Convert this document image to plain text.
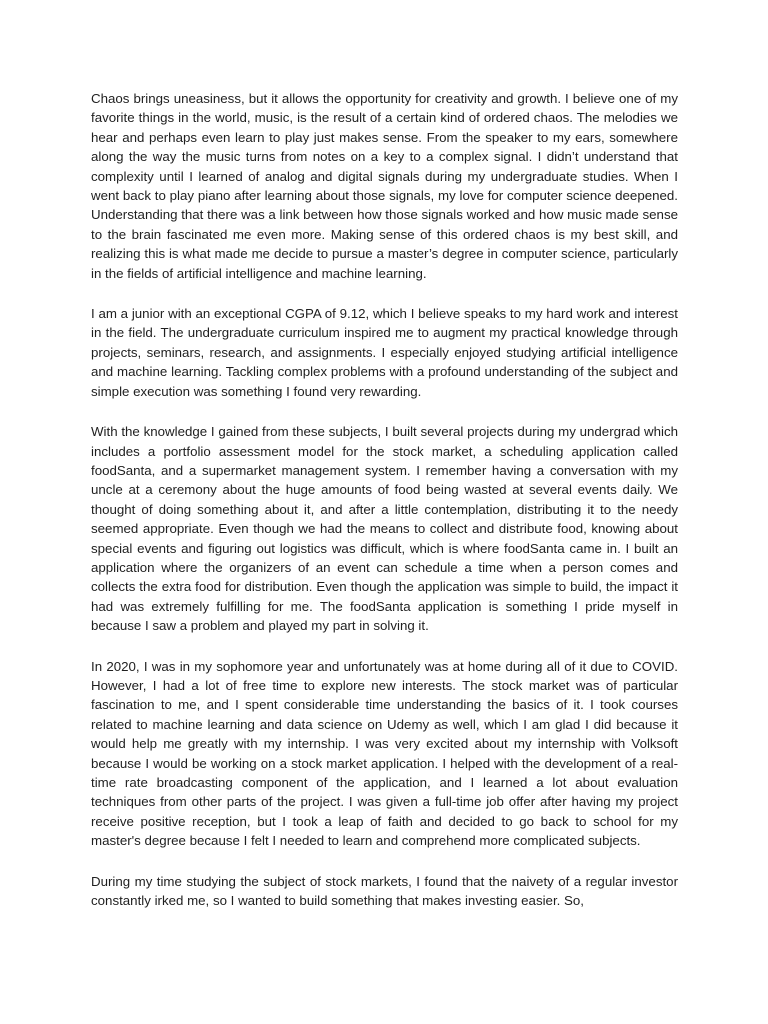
Chaos brings uneasiness, but it allows the opportunity for creativity and growth. I believe one of my favorite things in the world, music, is the result of a certain kind of ordered chaos. The melodies we hear and perhaps even learn to play just makes sense. From the speaker to my ears, somewhere along the way the music turns from notes on a key to a complex signal. I didn’t understand that complexity until I learned of analog and digital signals during my undergraduate studies. When I went back to play piano after learning about those signals, my love for computer science deepened. Understanding that there was a link between how those signals worked and how music made sense to the brain fascinated me even more. Making sense of this ordered chaos is my best skill, and realizing this is what made me decide to pursue a master’s degree in computer science, particularly in the fields of artificial intelligence and machine learning.

I am a junior with an exceptional CGPA of 9.12, which I believe speaks to my hard work and interest in the field. The undergraduate curriculum inspired me to augment my practical knowledge through projects, seminars, research, and assignments. I especially enjoyed studying artificial intelligence and machine learning. Tackling complex problems with a profound understanding of the subject and simple execution was something I found very rewarding.

With the knowledge I gained from these subjects, I built several projects during my undergrad which includes a portfolio assessment model for the stock market, a scheduling application called foodSanta, and a supermarket management system. I remember having a conversation with my uncle at a ceremony about the huge amounts of food being wasted at several events daily. We thought of doing something about it, and after a little contemplation, distributing it to the needy seemed appropriate. Even though we had the means to collect and distribute food, knowing about special events and figuring out logistics was difficult, which is where foodSanta came in. I built an application where the organizers of an event can schedule a time when a person comes and collects the extra food for distribution. Even though the application was simple to build, the impact it had was extremely fulfilling for me. The foodSanta application is something I pride myself in because I saw a problem and played my part in solving it.

In 2020, I was in my sophomore year and unfortunately was at home during all of it due to COVID. However, I had a lot of free time to explore new interests. The stock market was of particular fascination to me, and I spent considerable time understanding the basics of it. I took courses related to machine learning and data science on Udemy as well, which I am glad I did because it would help me greatly with my internship. I was very excited about my internship with Volksoft because I would be working on a stock market application. I helped with the development of a real-time rate broadcasting component of the application, and I learned a lot about evaluation techniques from other parts of the project. I was given a full-time job offer after having my project receive positive reception, but I took a leap of faith and decided to go back to school for my master's degree because I felt I needed to learn and comprehend more complicated subjects.

During my time studying the subject of stock markets, I found that the naivety of a regular investor constantly irked me, so I wanted to build something that makes investing easier. So,
